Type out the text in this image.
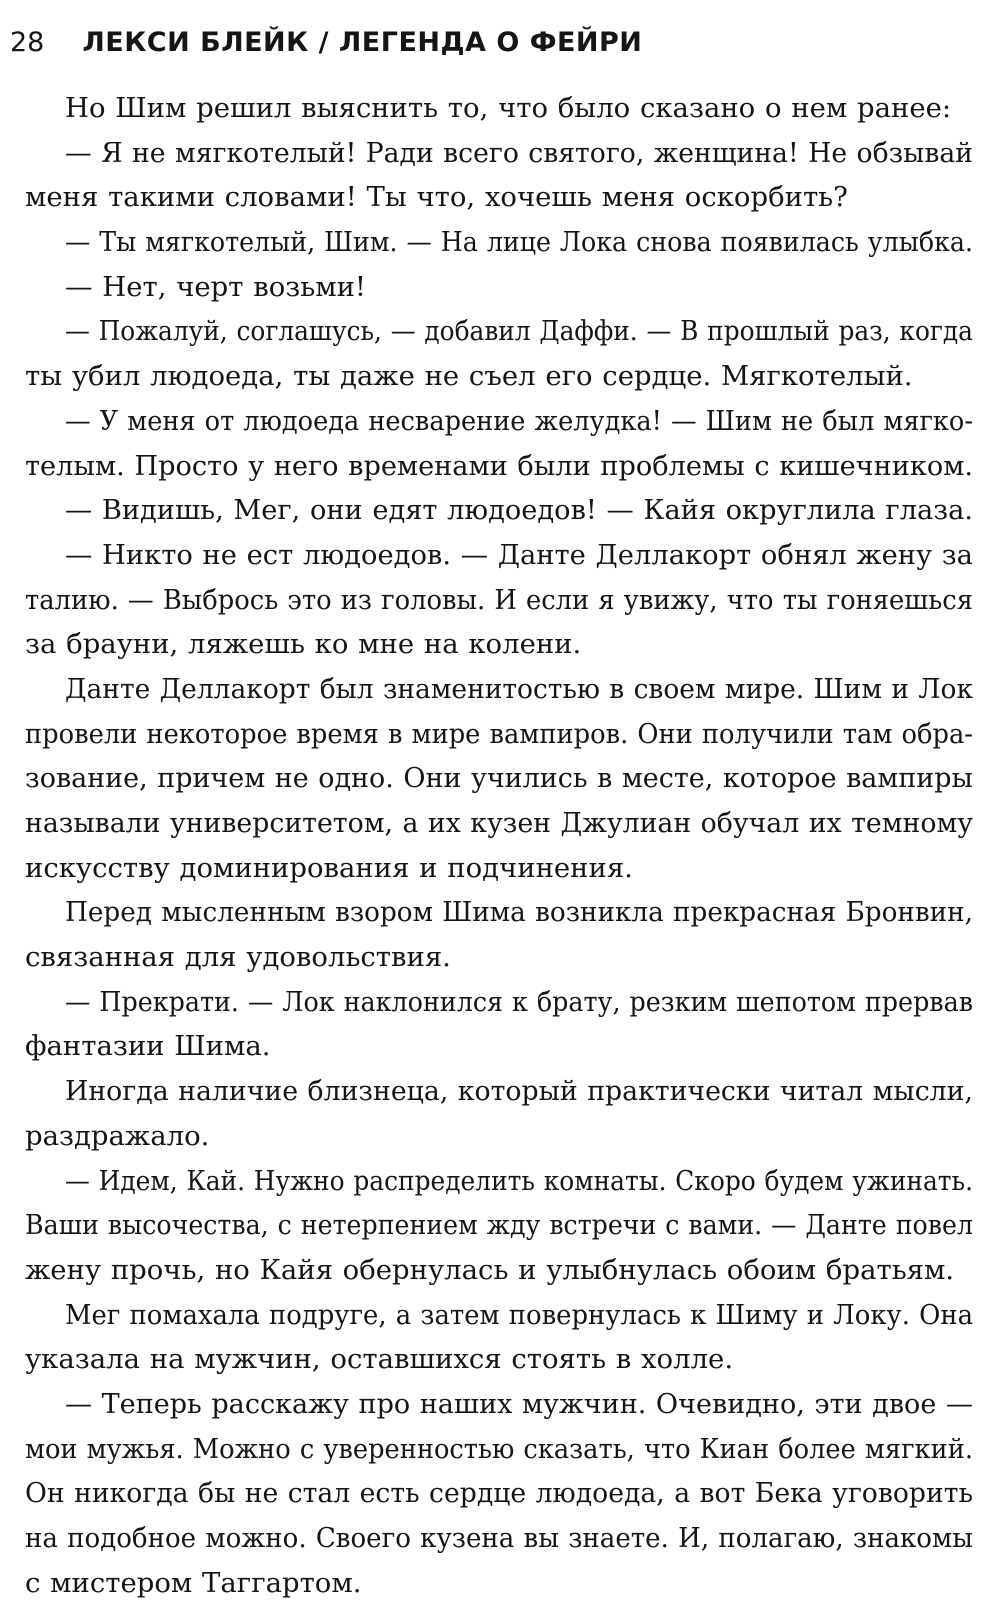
28 ЛЕКСИ БЛЕЙК / ЛЕГЕНДА О ФЕЙРИ
Но Шим решил выяснить то, что было сказано о нем ранее:
— Я не мягкотелый! Ради всего святого, женщина! Не обзывай
меня такими словами! Ты что, хочешь меня оскорбить?
— Ты мягкотелый, Шим. — На лице Лока снова появилась улыбка.
— Нет, черт возьми!
— Пожалуй, соглашусь, — добавил Даффи. — В прошлый раз, когда
ты убил людоеда, ты даже не съел его сердце. Мягкотелый.
— У меня от людоеда несварение желудка! — Шим не был мягко-
телым. Просто у него временами были проблемы с кишечником.
— Видишь, Мег, они едят людоедов! — Кайя округлила глаза.
— Никто не ест людоедов. — Данте Деллакорт обнял жену за
талию. — Выбрось это из головы. И если я увижу, что ты гоняешься
за брауни, ляжешь ко мне на колени.
Данте Деллакорт был знаменитостью в своем мире. Шим и Лок
провели некоторое время в мире вампиров. Они получили там обра-
зование, причем не одно. Они учились в месте, которое вампиры
называли университетом, а их кузен Джулиан обучал их темному
искусству доминирования и подчинения.
Перед мысленным взором Шима возникла прекрасная Бронвин,
связанная для удовольствия.
— Прекрати. — Лок наклонился к брату, резким шепотом прервав
фантазии Шима.
Иногда наличие близнеца, который практически читал мысли,
раздражало.
— Идем, Кай. Нужно распределить комнаты. Скоро будем ужинать.
Ваши высочества, с нетерпением жду встречи с вами. — Данте повел
жену прочь, но Кайя обернулась и улыбнулась обоим братьям.
Мег помахала подруге, а затем повернулась к Шиму и Локу. Она
указала на мужчин, оставшихся стоять в холле.
— Теперь расскажу про наших мужчин. Очевидно, эти двое —
мои мужья. Можно с уверенностью сказать, что Киан более мягкий.
Он никогда бы не стал есть сердце людоеда, а вот Бека уговорить
на подобное можно. Своего кузена вы знаете. И, полагаю, знакомы
с мистером Таггартом.
